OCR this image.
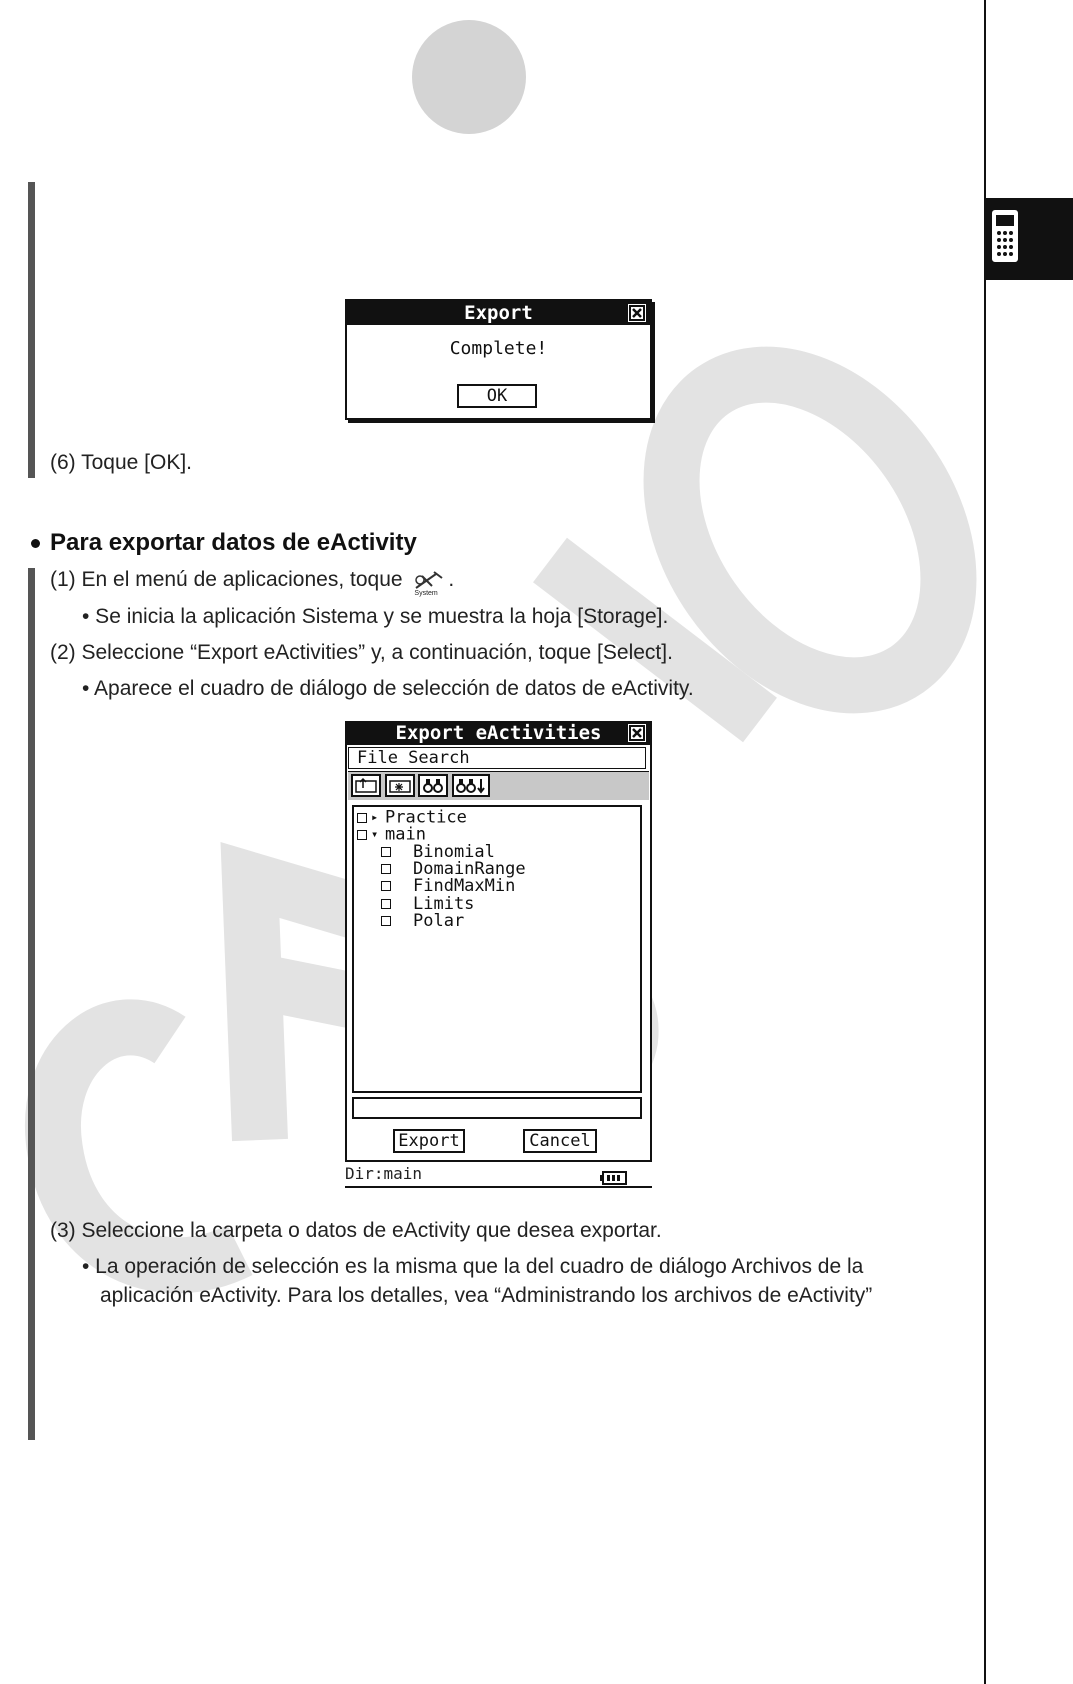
Export
Complete!
OK
(6) Toque [OK].
Para exportar datos de eActivity
(1) En el menú de aplicaciones, toque
System
.
• Se inicia la aplicación Sistema y se muestra la hoja [Storage].
(2) Seleccione “Export eActivities” y, a continuación, toque [Select].
• Aparece el cuadro de diálogo de selección de datos de eActivity.
Export eActivities
File Search
Export	Cancel
▸ Practice
▾ main
Binomial
DomainRange
FindMaxMin
Limits
Polar
Dir:main
(3) Seleccione la carpeta o datos de eActivity que desea exportar.
• La operación de selección es la misma que la del cuadro de diálogo Archivos de la
aplicación eActivity. Para los detalles, vea “Administrando los archivos de eActivity”
